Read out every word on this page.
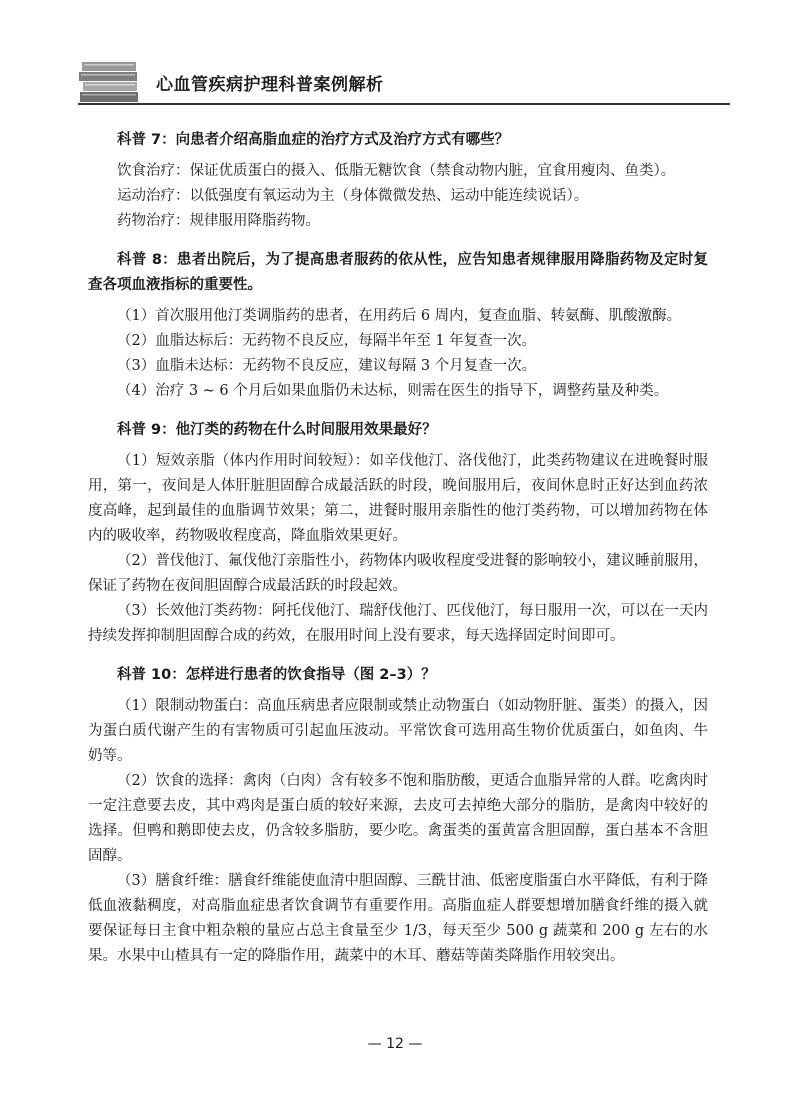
心血管疾病护理科普案例解析

科普 7：向患者介绍高脂血症的治疗方式及治疗方式有哪些？

饮食治疗：保证优质蛋白的摄入、低脂无糖饮食（禁食动物内脏，宜食用瘦肉、鱼类）。

运动治疗：以低强度有氧运动为主（身体微微发热、运动中能连续说话）。

药物治疗：规律服用降脂药物。

科普 8：患者出院后，为了提高患者服药的依从性，应告知患者规律服用降脂药物及定时复查各项血液指标的重要性。

（1）首次服用他汀类调脂药的患者，在用药后 6 周内，复查血脂、转氨酶、肌酸激酶。

（2）血脂达标后：无药物不良反应，每隔半年至 1 年复查一次。

（3）血脂未达标：无药物不良反应，建议每隔 3 个月复查一次。

（4）治疗 3 ~ 6 个月后如果血脂仍未达标，则需在医生的指导下，调整药量及种类。

科普 9：他汀类的药物在什么时间服用效果最好？

（1）短效亲脂（体内作用时间较短）：如辛伐他汀、洛伐他汀，此类药物建议在进晚餐时服用，第一，夜间是人体肝脏胆固醇合成最活跃的时段，晚间服用后，夜间休息时正好达到血药浓度高峰，起到最佳的血脂调节效果；第二，进餐时服用亲脂性的他汀类药物，可以增加药物在体内的吸收率，药物吸收程度高，降血脂效果更好。

（2）普伐他汀、氟伐他汀亲脂性小，药物体内吸收程度受进餐的影响较小，建议睡前服用，保证了药物在夜间胆固醇合成最活跃的时段起效。

（3）长效他汀类药物：阿托伐他汀、瑞舒伐他汀、匹伐他汀，每日服用一次，可以在一天内持续发挥抑制胆固醇合成的药效，在服用时间上没有要求，每天选择固定时间即可。

科普 10：怎样进行患者的饮食指导（图 2–3）？

（1）限制动物蛋白：高血压病患者应限制或禁止动物蛋白（如动物肝脏、蛋类）的摄入，因为蛋白质代谢产生的有害物质可引起血压波动。平常饮食可选用高生物价优质蛋白，如鱼肉、牛奶等。

（2）饮食的选择：禽肉（白肉）含有较多不饱和脂肪酸，更适合血脂异常的人群。吃禽肉时一定注意要去皮，其中鸡肉是蛋白质的较好来源，去皮可去掉绝大部分的脂肪，是禽肉中较好的选择。但鸭和鹅即使去皮，仍含较多脂肪，要少吃。禽蛋类的蛋黄富含胆固醇，蛋白基本不含胆固醇。

（3）膳食纤维：膳食纤维能使血清中胆固醇、三酰甘油、低密度脂蛋白水平降低，有利于降低血液黏稠度，对高脂血症患者饮食调节有重要作用。高脂血症人群要想增加膳食纤维的摄入就要保证每日主食中粗杂粮的量应占总主食量至少 1/3，每天至少 500 g 蔬菜和 200 g 左右的水果。水果中山楂具有一定的降脂作用，蔬菜中的木耳、蘑菇等菌类降脂作用较突出。

— 12 —
